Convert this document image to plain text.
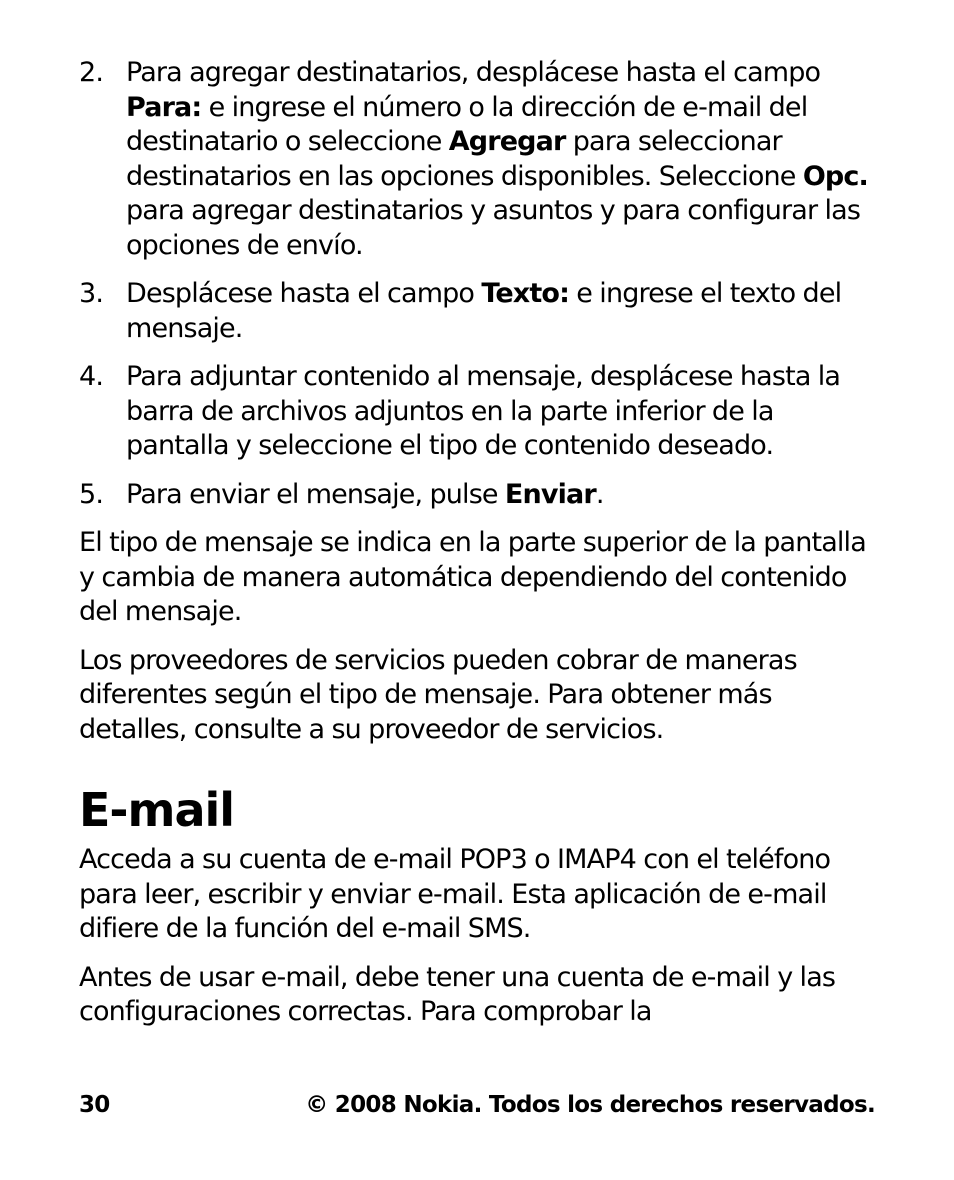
2. Para agregar destinatarios, desplácese hasta el campo Para: e ingrese el número o la dirección de e-mail del destinatario o seleccione Agregar para seleccionar destinatarios en las opciones disponibles. Seleccione Opc. para agregar destinatarios y asuntos y para configurar las opciones de envío.
3. Desplácese hasta el campo Texto: e ingrese el texto del mensaje.
4. Para adjuntar contenido al mensaje, desplácese hasta la barra de archivos adjuntos en la parte inferior de la pantalla y seleccione el tipo de contenido deseado.
5. Para enviar el mensaje, pulse Enviar.

El tipo de mensaje se indica en la parte superior de la pantalla y cambia de manera automática dependiendo del contenido del mensaje.

Los proveedores de servicios pueden cobrar de maneras diferentes según el tipo de mensaje. Para obtener más detalles, consulte a su proveedor de servicios.

E-mail

Acceda a su cuenta de e-mail POP3 o IMAP4 con el teléfono para leer, escribir y enviar e-mail. Esta aplicación de e-mail difiere de la función del e-mail SMS.

Antes de usar e-mail, debe tener una cuenta de e-mail y las configuraciones correctas. Para comprobar la

30	© 2008 Nokia. Todos los derechos reservados.
